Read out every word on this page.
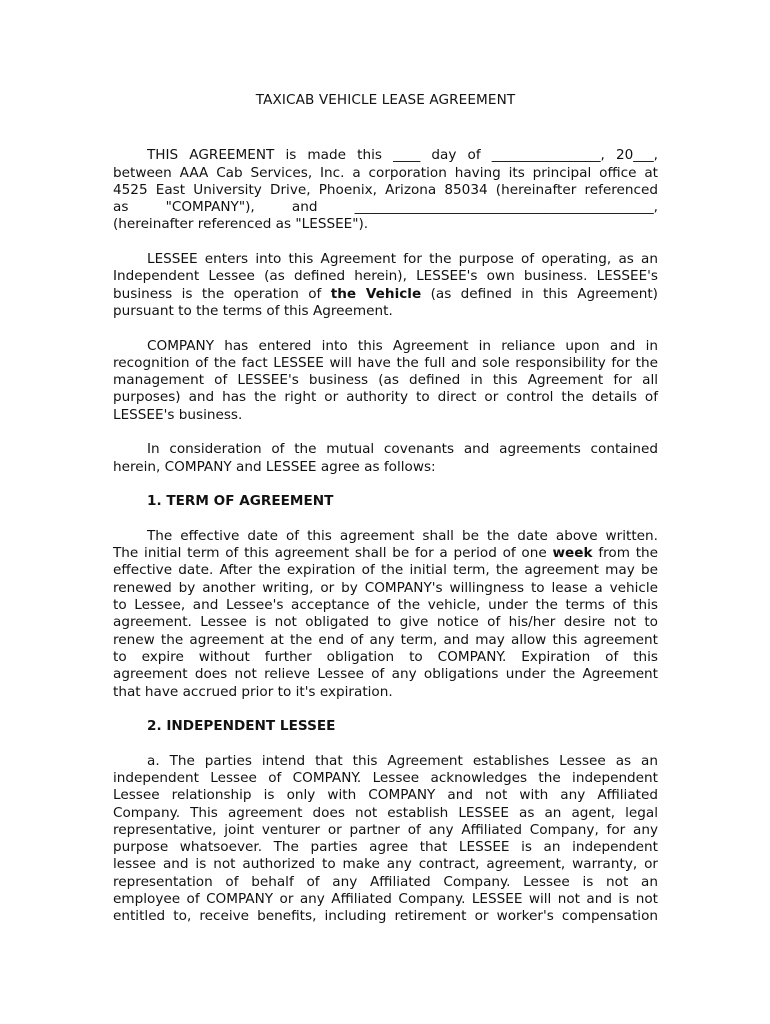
TAXICAB VEHICLE LEASE AGREEMENT
THIS AGREEMENT is made this ____ day of ________________, 20___,
between AAA Cab Services, Inc. a corporation having its principal office at
4525 East University Drive, Phoenix, Arizona 85034 (hereinafter referenced
as "COMPANY"), and ____________________________________________,
(hereinafter referenced as "LESSEE").
LESSEE enters into this Agreement for the purpose of operating, as an
Independent Lessee (as defined herein), LESSEE's own business. LESSEE's
business is the operation of the Vehicle (as defined in this Agreement)
pursuant to the terms of this Agreement.
COMPANY has entered into this Agreement in reliance upon and in
recognition of the fact LESSEE will have the full and sole responsibility for the
management of LESSEE's business (as defined in this Agreement for all
purposes) and has the right or authority to direct or control the details of
LESSEE's business.
In consideration of the mutual covenants and agreements contained
herein, COMPANY and LESSEE agree as follows:
1. TERM OF AGREEMENT
The effective date of this agreement shall be the date above written.
The initial term of this agreement shall be for a period of one week from the
effective date. After the expiration of the initial term, the agreement may be
renewed by another writing, or by COMPANY's willingness to lease a vehicle
to Lessee, and Lessee's acceptance of the vehicle, under the terms of this
agreement. Lessee is not obligated to give notice of his/her desire not to
renew the agreement at the end of any term, and may allow this agreement
to expire without further obligation to COMPANY. Expiration of this
agreement does not relieve Lessee of any obligations under the Agreement
that have accrued prior to it's expiration.
2. INDEPENDENT LESSEE
a. The parties intend that this Agreement establishes Lessee as an
independent Lessee of COMPANY. Lessee acknowledges the independent
Lessee relationship is only with COMPANY and not with any Affiliated
Company. This agreement does not establish LESSEE as an agent, legal
representative, joint venturer or partner of any Affiliated Company, for any
purpose whatsoever. The parties agree that LESSEE is an independent
lessee and is not authorized to make any contract, agreement, warranty, or
representation of behalf of any Affiliated Company. Lessee is not an
employee of COMPANY or any Affiliated Company. LESSEE will not and is not
entitled to, receive benefits, including retirement or worker's compensation
